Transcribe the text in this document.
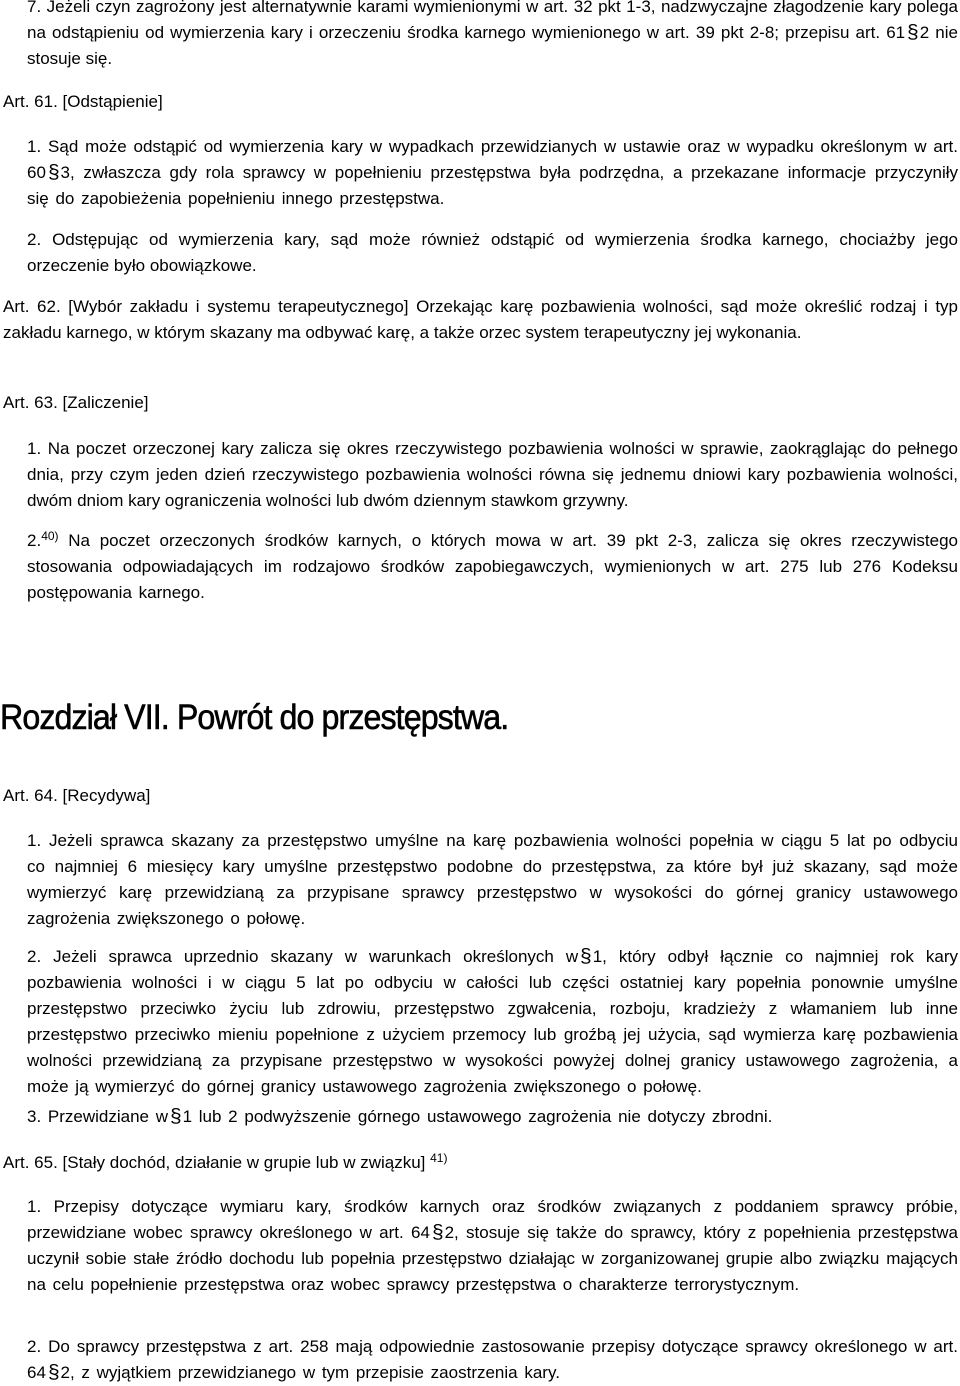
7. Jeżeli czyn zagrożony jest alternatywnie karami wymienionymi w art. 32 pkt 1-3, nadzwyczajne złagodzenie kary polega na odstąpieniu od wymierzenia kary i orzeczeniu środka karnego wymienionego w art. 39 pkt 2-8; przepisu art. 61 §2 nie stosuje się.

Art. 61. [Odstąpienie]

1. Sąd może odstąpić od wymierzenia kary w wypadkach przewidzianych w ustawie oraz w wypadku określonym w art. 60 §3, zwłaszcza gdy rola sprawcy w popełnieniu przestępstwa była podrzędna, a przekazane informacje przyczyniły się do zapobieżenia popełnieniu innego przestępstwa.

2. Odstępując od wymierzenia kary, sąd może również odstąpić od wymierzenia środka karnego, chociażby jego orzeczenie było obowiązkowe.

Art. 62. [Wybór zakładu i systemu terapeutycznego] Orzekając karę pozbawienia wolności, sąd może określić rodzaj i typ zakładu karnego, w którym skazany ma odbywać karę, a także orzec system terapeutyczny jej wykonania.

Art. 63. [Zaliczenie]

1. Na poczet orzeczonej kary zalicza się okres rzeczywistego pozbawienia wolności w sprawie, zaokrąglając do pełnego dnia, przy czym jeden dzień rzeczywistego pozbawienia wolności równa się jednemu dniowi kary pozbawienia wolności, dwóm dniom kary ograniczenia wolności lub dwóm dziennym stawkom grzywny.

2.$^{40)}$ Na poczet orzeczonych środków karnych, o których mowa w art. 39 pkt 2-3, zalicza się okres rzeczywistego stosowania odpowiadających im rodzajowo środków zapobiegawczych, wymienionych w art. 275 lub 276 Kodeksu postępowania karnego.

Rozdział VII. Powrót do przestępstwa.

Art. 64. [Recydywa]

1. Jeżeli sprawca skazany za przestępstwo umyślne na karę pozbawienia wolności popełnia w ciągu 5 lat po odbyciu co najmniej 6 miesięcy kary umyślne przestępstwo podobne do przestępstwa, za które był już skazany, sąd może wymierzyć karę przewidzianą za przypisane sprawcy przestępstwo w wysokości do górnej granicy ustawowego zagrożenia zwiększonego o połowę.

2. Jeżeli sprawca uprzednio skazany w warunkach określonych w §1, który odbył łącznie co najmniej rok kary pozbawienia wolności i w ciągu 5 lat po odbyciu w całości lub części ostatniej kary popełnia ponownie umyślne przestępstwo przeciwko życiu lub zdrowiu, przestępstwo zgwałcenia, rozboju, kradzieży z włamaniem lub inne przestępstwo przeciwko mieniu popełnione z użyciem przemocy lub groźbą jej użycia, sąd wymierza karę pozbawienia wolności przewidzianą za przypisane przestępstwo w wysokości powyżej dolnej granicy ustawowego zagrożenia, a może ją wymierzyć do górnej granicy ustawowego zagrożenia zwiększonego o połowę.

3. Przewidziane w §1 lub 2 podwyższenie górnego ustawowego zagrożenia nie dotyczy zbrodni.

Art. 65. [Stały dochód, działanie w grupie lub w związku] $^{41)}$

1. Przepisy dotyczące wymiaru kary, środków karnych oraz środków związanych z poddaniem sprawcy próbie, przewidziane wobec sprawcy określonego w art. 64 §2, stosuje się także do sprawcy, który z popełnienia przestępstwa uczynił sobie stałe źródło dochodu lub popełnia przestępstwo działając w zorganizowanej grupie albo związku mających na celu popełnienie przestępstwa oraz wobec sprawcy przestępstwa o charakterze terrorystycznym.

2. Do sprawcy przestępstwa z art. 258 mają odpowiednie zastosowanie przepisy dotyczące sprawcy określonego w art. 64 §2, z wyjątkiem przewidzianego w tym przepisie zaostrzenia kary.
